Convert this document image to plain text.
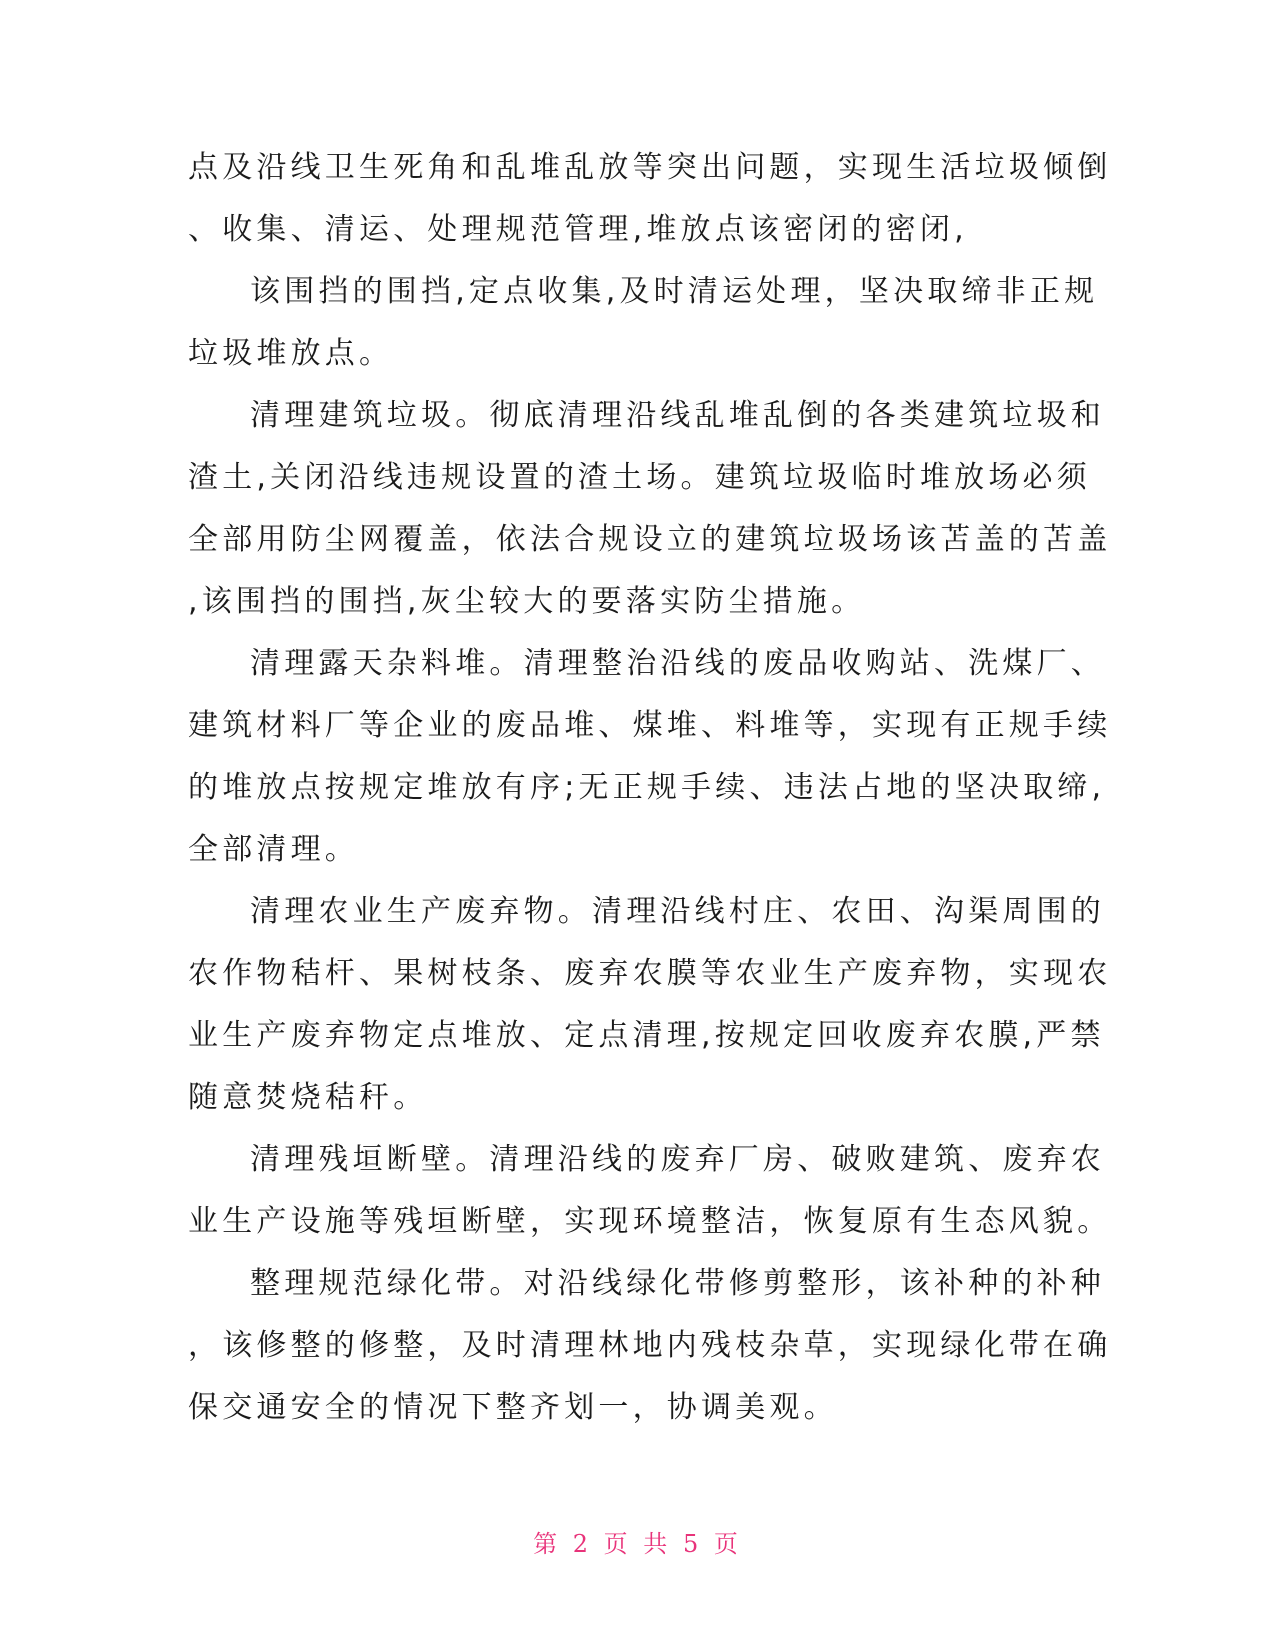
点及沿线卫生死角和乱堆乱放等突出问题，实现生活垃圾倾倒
、收集、清运、处理规范管理,堆放点该密闭的密闭,
该围挡的围挡,定点收集,及时清运处理，坚决取缔非正规
垃圾堆放点。
清理建筑垃圾。彻底清理沿线乱堆乱倒的各类建筑垃圾和
渣土,关闭沿线违规设置的渣土场。建筑垃圾临时堆放场必须
全部用防尘网覆盖，依法合规设立的建筑垃圾场该苫盖的苫盖
,该围挡的围挡,灰尘较大的要落实防尘措施。
清理露天杂料堆。清理整治沿线的废品收购站、洗煤厂、
建筑材料厂等企业的废品堆、煤堆、料堆等，实现有正规手续
的堆放点按规定堆放有序;无正规手续、违法占地的坚决取缔,
全部清理。
清理农业生产废弃物。清理沿线村庄、农田、沟渠周围的
农作物秸杆、果树枝条、废弃农膜等农业生产废弃物，实现农
业生产废弃物定点堆放、定点清理,按规定回收废弃农膜,严禁
随意焚烧秸秆。
清理残垣断壁。清理沿线的废弃厂房、破败建筑、废弃农
业生产设施等残垣断壁，实现环境整洁，恢复原有生态风貌。
整理规范绿化带。对沿线绿化带修剪整形，该补种的补种
，该修整的修整，及时清理林地内残枝杂草，实现绿化带在确
保交通安全的情况下整齐划一，协调美观。
第 2 页 共 5 页
